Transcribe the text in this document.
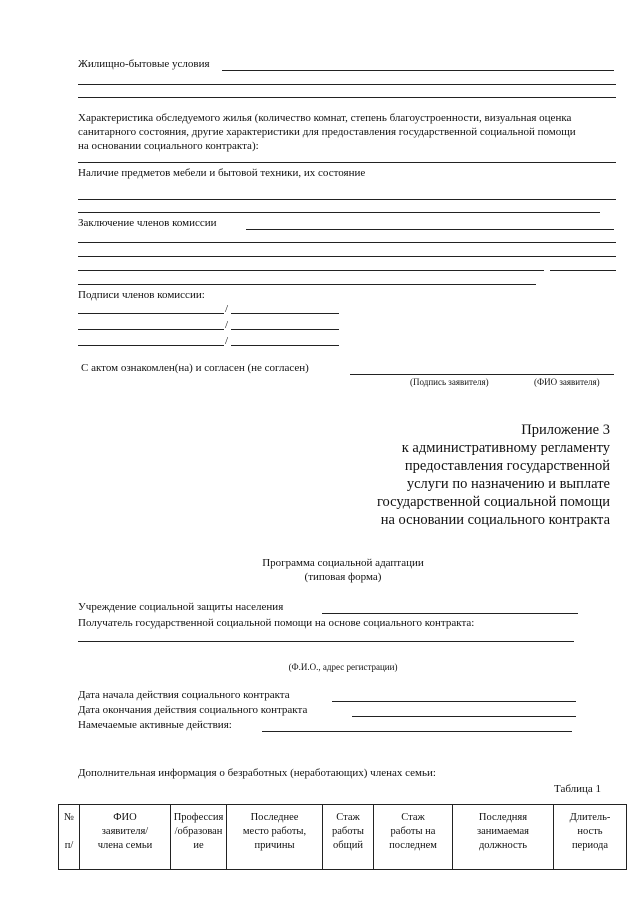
Жилищно-бытовые условия
Характеристика обследуемого жилья (количество комнат, степень благоустроенности, визуальная оценка
санитарного состояния, другие характеристики для предоставления государственной социальной помощи
на основании социального контракта):
Наличие предметов мебели и бытовой техники, их состояние
Заключение членов комиссии
Подписи членов комиссии:
/
/
/
С актом ознакомлен(на) и согласен (не согласен)
(Подпись заявителя)	(ФИО заявителя)
Приложение 3
к административному регламенту
предоставления государственной
услуги по назначению и выплате
государственной социальной помощи
на основании социального контракта
Программа социальной адаптации
(типовая форма)
Учреждение социальной защиты населения
Получатель государственной социальной помощи на основе социального контракта:
(Ф.И.О., адрес регистрации)
Дата начала действия социального контракта
Дата окончания действия социального контракта
Намечаемые активные действия:
Дополнительная информация о безработных (неработающих) членах семьи:
Таблица 1
№
п/

ФИО
заявителя/
члена семьи

Профессия
/образован
ие

Последнее
место работы,
причины

Стаж
работы
общий

Стаж
работы на
последнем

Последняя
занимаемая
должность

Длитель-
ность
периода
